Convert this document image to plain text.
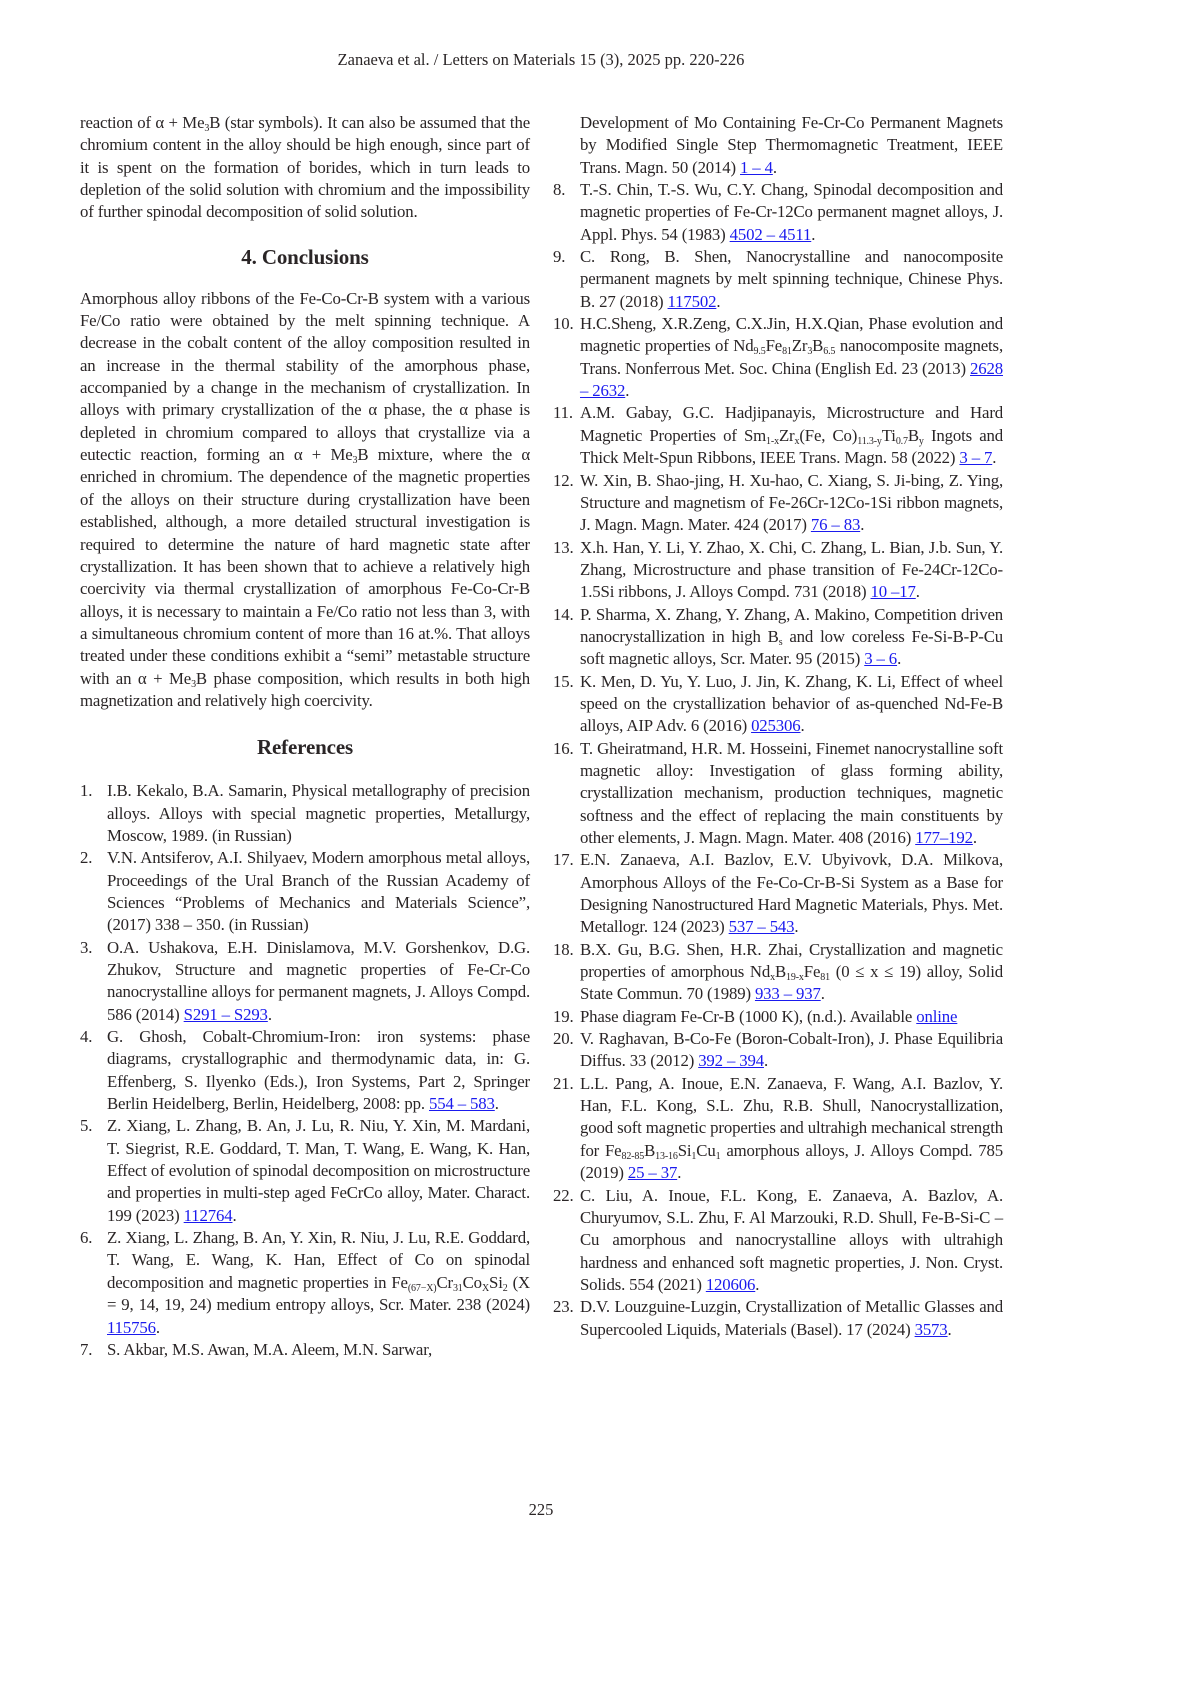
Zanaeva et al. / Letters on Materials 15 (3), 2025 pp. 220-226

reaction of α + Me3B (star symbols). It can also be assumed that the chromium content in the alloy should be high enough, since part of it is spent on the formation of borides, which in turn leads to depletion of the solid solution with chromium and the impossibility of further spinodal decomposition of solid solution.

4. Conclusions

Amorphous alloy ribbons of the Fe-Co-Cr-B system with a various Fe/Co ratio were obtained by the melt spinning technique. A decrease in the cobalt content of the alloy composition resulted in an increase in the thermal stability of the amorphous phase, accompanied by a change in the mechanism of crystallization. In alloys with primary crystallization of the α phase, the α phase is depleted in chromium compared to alloys that crystallize via a eutectic reaction, forming an α + Me3B mixture, where the α enriched in chromium. The dependence of the magnetic properties of the alloys on their structure during crystallization have been established, although, a more detailed structural investigation is required to determine the nature of hard magnetic state after crystallization. It has been shown that to achieve a relatively high coercivity via thermal crystallization of amorphous Fe-Co-Cr-B alloys, it is necessary to maintain a Fe/Co ratio not less than 3, with a simultaneous chromium content of more than 16 at.%. That alloys treated under these conditions exhibit a “semi” metastable structure with an α + Me3B phase composition, which results in both high magnetization and relatively high coercivity.

References
1. I.B. Kekalo, B.A. Samarin, Physical metallography of precision alloys. Alloys with special magnetic properties, Metallurgy, Moscow, 1989. (in Russian)
2. V.N. Antsiferov, A.I. Shilyaev, Modern amorphous metal alloys, Proceedings of the Ural Branch of the Russian Academy of Sciences “Problems of Mechanics and Materials Science”, (2017) 338 – 350. (in Russian)
3. O.A. Ushakova, E.H. Dinislamova, M.V. Gorshenkov, D.G. Zhukov, Structure and magnetic properties of Fe-Cr-Co nanocrystalline alloys for permanent magnets, J. Alloys Compd. 586 (2014) S291 – S293.
4. G. Ghosh, Cobalt-Chromium-Iron: iron systems: phase diagrams, crystallographic and thermodynamic data, in: G. Effenberg, S. Ilyenko (Eds.), Iron Systems, Part 2, Springer Berlin Heidelberg, Berlin, Heidelberg, 2008: pp. 554 – 583.
5. Z. Xiang, L. Zhang, B. An, J. Lu, R. Niu, Y. Xin, M. Mardani, T. Siegrist, R.E. Goddard, T. Man, T. Wang, E. Wang, K. Han, Effect of evolution of spinodal decomposition on microstructure and properties in multi-step aged FeCrCo alloy, Mater. Charact. 199 (2023) 112764.
6. Z. Xiang, L. Zhang, B. An, Y. Xin, R. Niu, J. Lu, R.E. Goddard, T. Wang, E. Wang, K. Han, Effect of Co on spinodal decomposition and magnetic properties in Fe(67−X)Cr31CoXSi2 (X = 9, 14, 19, 24) medium entropy alloys, Scr. Mater. 238 (2024) 115756.
7. S. Akbar, M.S. Awan, M.A. Aleem, M.N. Sarwar,
Development of Mo Containing Fe-Cr-Co Permanent Magnets by Modified Single Step Thermomagnetic Treatment, IEEE Trans. Magn. 50 (2014) 1 – 4.
8. T.-S. Chin, T.-S. Wu, C.Y. Chang, Spinodal decomposition and magnetic properties of Fe-Cr-12Co permanent magnet alloys, J. Appl. Phys. 54 (1983) 4502 – 4511.
9. C. Rong, B. Shen, Nanocrystalline and nanocomposite permanent magnets by melt spinning technique, Chinese Phys. B. 27 (2018) 117502.
10. H.C.Sheng, X.R.Zeng, C.X.Jin, H.X.Qian, Phase evolution and magnetic properties of Nd9.5Fe81Zr3B6.5 nanocomposite magnets, Trans. Nonferrous Met. Soc. China (English Ed. 23 (2013) 2628 – 2632.
11. A.M. Gabay, G.C. Hadjipanayis, Microstructure and Hard Magnetic Properties of Sm1-xZrx(Fe, Co)11.3-yTi0.7By Ingots and Thick Melt-Spun Ribbons, IEEE Trans. Magn. 58 (2022) 3 – 7.
12. W. Xin, B. Shao-jing, H. Xu-hao, C. Xiang, S. Ji-bing, Z. Ying, Structure and magnetism of Fe-26Cr-12Co-1Si ribbon magnets, J. Magn. Magn. Mater. 424 (2017) 76 – 83.
13. X.h. Han, Y. Li, Y. Zhao, X. Chi, C. Zhang, L. Bian, J.b. Sun, Y. Zhang, Microstructure and phase transition of Fe-24Cr-12Co-1.5Si ribbons, J. Alloys Compd. 731 (2018) 10 –17.
14. P. Sharma, X. Zhang, Y. Zhang, A. Makino, Competition driven nanocrystallization in high Bs and low coreless Fe-Si-B-P-Cu soft magnetic alloys, Scr. Mater. 95 (2015) 3 – 6.
15. K. Men, D. Yu, Y. Luo, J. Jin, K. Zhang, K. Li, Effect of wheel speed on the crystallization behavior of as-quenched Nd-Fe-B alloys, AIP Adv. 6 (2016) 025306.
16. T. Gheiratmand, H.R. M. Hosseini, Finemet nanocrystalline soft magnetic alloy: Investigation of glass forming ability, crystallization mechanism, production techniques, magnetic softness and the effect of replacing the main constituents by other elements, J. Magn. Magn. Mater. 408 (2016) 177–192.
17. E.N. Zanaeva, A.I. Bazlov, E.V. Ubyivovk, D.A. Milkova, Amorphous Alloys of the Fe-Co-Cr-B-Si System as a Base for Designing Nanostructured Hard Magnetic Materials, Phys. Met. Metallogr. 124 (2023) 537 – 543.
18. B.X. Gu, B.G. Shen, H.R. Zhai, Crystallization and magnetic properties of amorphous NdxB19-xFe81 (0 ≤ x ≤ 19) alloy, Solid State Commun. 70 (1989) 933 – 937.
19. Phase diagram Fe-Cr-B (1000 K), (n.d.). Available online
20. V. Raghavan, B-Co-Fe (Boron-Cobalt-Iron), J. Phase Equilibria Diffus. 33 (2012) 392 – 394.
21. L.L. Pang, A. Inoue, E.N. Zanaeva, F. Wang, A.I. Bazlov, Y. Han, F.L. Kong, S.L. Zhu, R.B. Shull, Nanocrystallization, good soft magnetic properties and ultrahigh mechanical strength for Fe82-85B13-16Si1Cu1 amorphous alloys, J. Alloys Compd. 785 (2019) 25 – 37.
22. C. Liu, A. Inoue, F.L. Kong, E. Zanaeva, A. Bazlov, A. Churyumov, S.L. Zhu, F. Al Marzouki, R.D. Shull, Fe-B-Si-C – Cu amorphous and nanocrystalline alloys with ultrahigh hardness and enhanced soft magnetic properties, J. Non. Cryst. Solids. 554 (2021) 120606.
23. D.V. Louzguine-Luzgin, Crystallization of Metallic Glasses and Supercooled Liquids, Materials (Basel). 17 (2024) 3573.
225
